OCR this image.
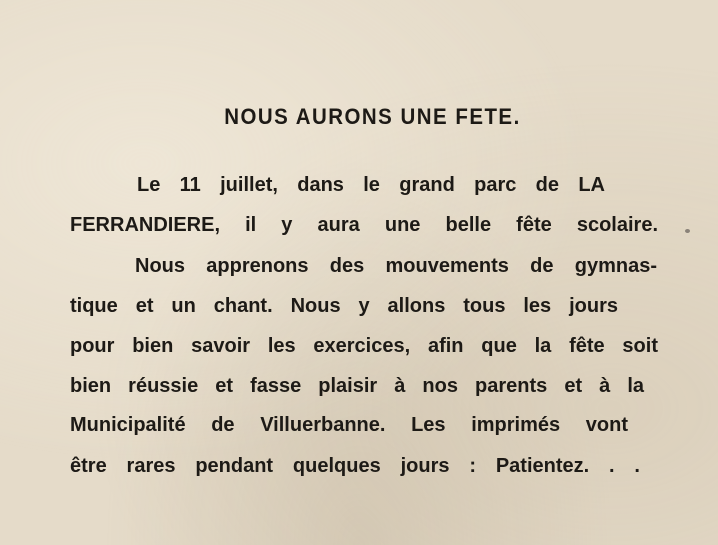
NOUS AURONS UNE FETE.
Le 11 juillet, dans le grand parc de LA
FERRANDIERE, il y aura une belle fête scolaire.
Nous apprenons des mouvements de gymnas-
tique et un chant. Nous y allons tous les jours
pour bien savoir les exercices, afin que la fête soit
bien réussie et fasse plaisir à nos parents et à la
Municipalité de Villuerbanne. Les imprimés vont
être rares pendant quelques jours : Patientez. . .
